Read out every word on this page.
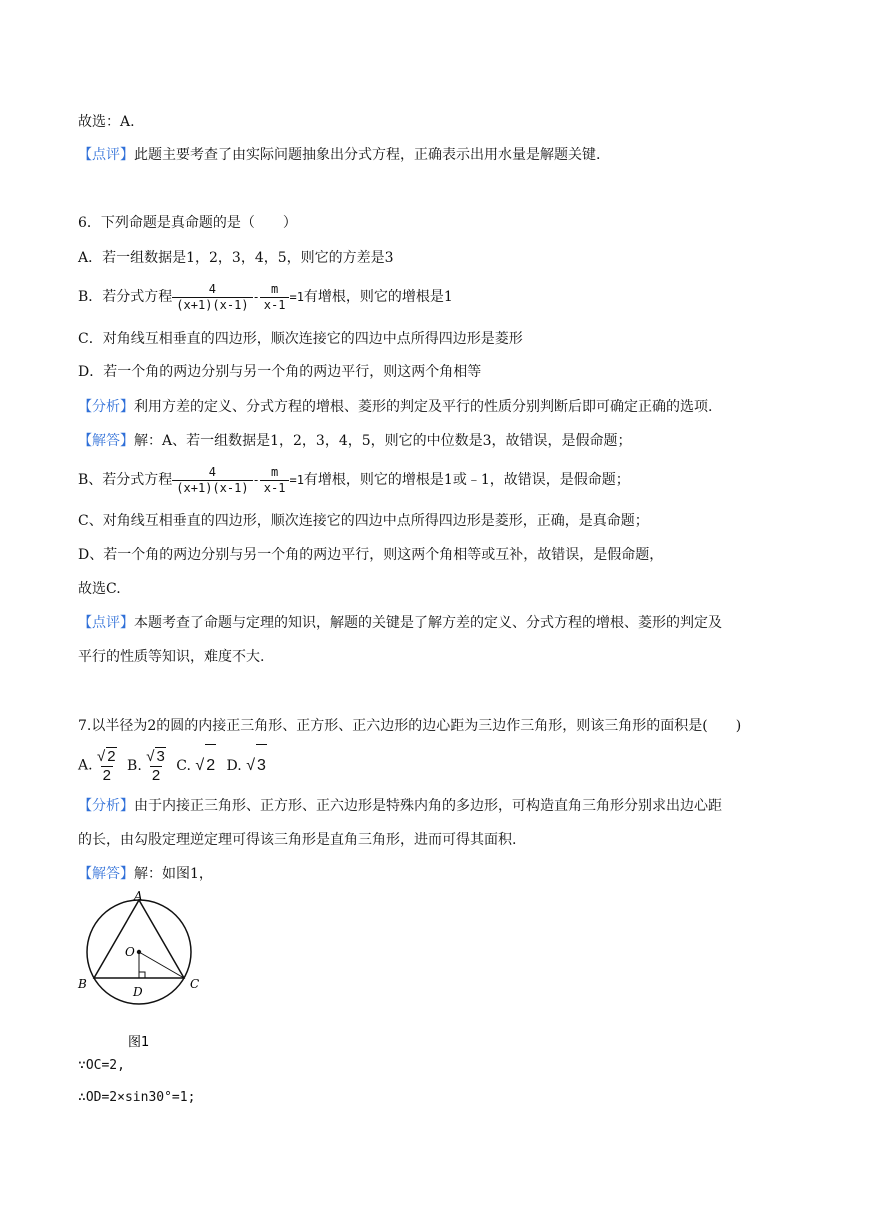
故选：A.
【点评】此题主要考查了由实际问题抽象出分式方程，正确表示出用水量是解题关键.
6．下列命题是真命题的是（　　）
A．若一组数据是1，2，3，4，5，则它的方差是3
B．若分式方程 $\frac{4}{(x+1)(x-1)} - \frac{m}{x-1} =1$有增根，则它的增根是1
C．对角线互相垂直的四边形，顺次连接它的四边中点所得四边形是菱形
D．若一个角的两边分别与另一个角的两边平行，则这两个角相等
【分析】利用方差的定义、分式方程的增根、菱形的判定及平行的性质分别判断后即可确定正确的选项.
【解答】解：A、若一组数据是1，2，3，4，5，则它的中位数是3，故错误，是假命题；
B、若分式方程 $\frac{4}{(x+1)(x-1)} - \frac{m}{x-1} =1$有增根，则它的增根是1或﹣1，故错误，是假命题；
C、对角线互相垂直的四边形，顺次连接它的四边中点所得四边形是菱形，正确，是真命题；
D、若一个角的两边分别与另一个角的两边平行，则这两个角相等或互补，故错误，是假命题，
故选C.
【点评】本题考查了命题与定理的知识，解题的关键是了解方差的定义、分式方程的增根、菱形的判定及
平行的性质等知识，难度不大.
7.以半径为2的圆的内接正三角形、正方形、正六边形的边心距为三边作三角形，则该三角形的面积是(　　)
A. $\frac{√ 2}{2} B$. $\frac{√ 3}{2} C$. √ 2 D. √ 3
【分析】由于内接正三角形、正方形、正六边形是特殊内角的多边形，可构造直角三角形分别求出边心距
的长，由勾股定理逆定理可得该三角形是直角三角形，进而可得其面积.
【解答】解：如图1，
A
O
B
D
C
图1
∵OC=2,
∴OD=2×sin30°=1;
